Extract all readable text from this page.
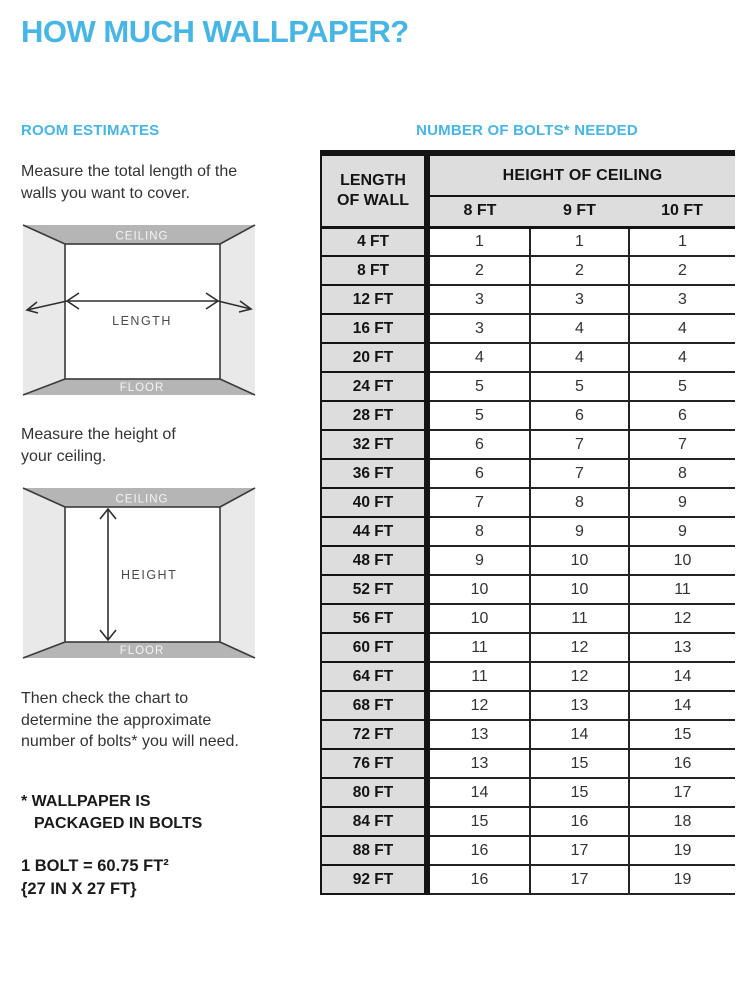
HOW MUCH WALLPAPER?
ROOM ESTIMATES

Measure the total length of the walls you want to cover.

CEILING
FLOOR
LENGTH

Measure the height of your ceiling.

CEILING
FLOOR
HEIGHT

Then check the chart to determine the approximate number of bolts* you will need.

* WALLPAPER IS
PACKAGED IN BOLTS
1 BOLT = 60.75 FT²
{27 IN X 27 FT}
NUMBER OF BOLTS* NEEDED
LENGTH
OF WALL	HEIGHT OF CEILING		
	8 FT	9 FT	10 FT
4 FT	1	1	1
8 FT	2	2	2
12 FT	3	3	3
16 FT	3	4	4
20 FT	4	4	4
24 FT	5	5	5
28 FT	5	6	6
32 FT	6	7	7
36 FT	6	7	8
40 FT	7	8	9
44 FT	8	9	9
48 FT	9	10	10
52 FT	10	10	11
56 FT	10	11	12
60 FT	11	12	13
64 FT	11	12	14
68 FT	12	13	14
72 FT	13	14	15
76 FT	13	15	16
80 FT	14	15	17
84 FT	15	16	18
88 FT	16	17	19
92 FT	16	17	19
